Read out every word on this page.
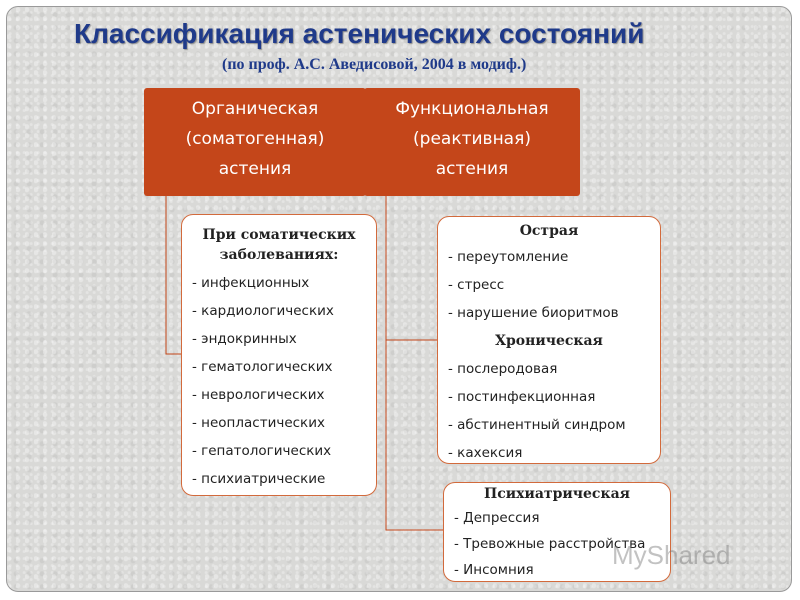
Классификация астенических состояний
(по проф. А.С. Аведисовой, 2004 в модиф.)
Органическая
(соматогенная)
астения
Функциональная
(реактивная)
астения
При соматических
заболеваниях:
- инфекционных
- кардиологических
- эндокринных
- гематологических
- неврологических
- неопластических
- гепатологических
- психиатрические
Острая
- переутомление
- стресс
- нарушение биоритмов
Хроническая
- послеродовая
- постинфекционная
- абстинентный синдром
- кахексия
Психиатрическая
- Депрессия
- Тревожные расстройства
- Инсомния	MyShared
